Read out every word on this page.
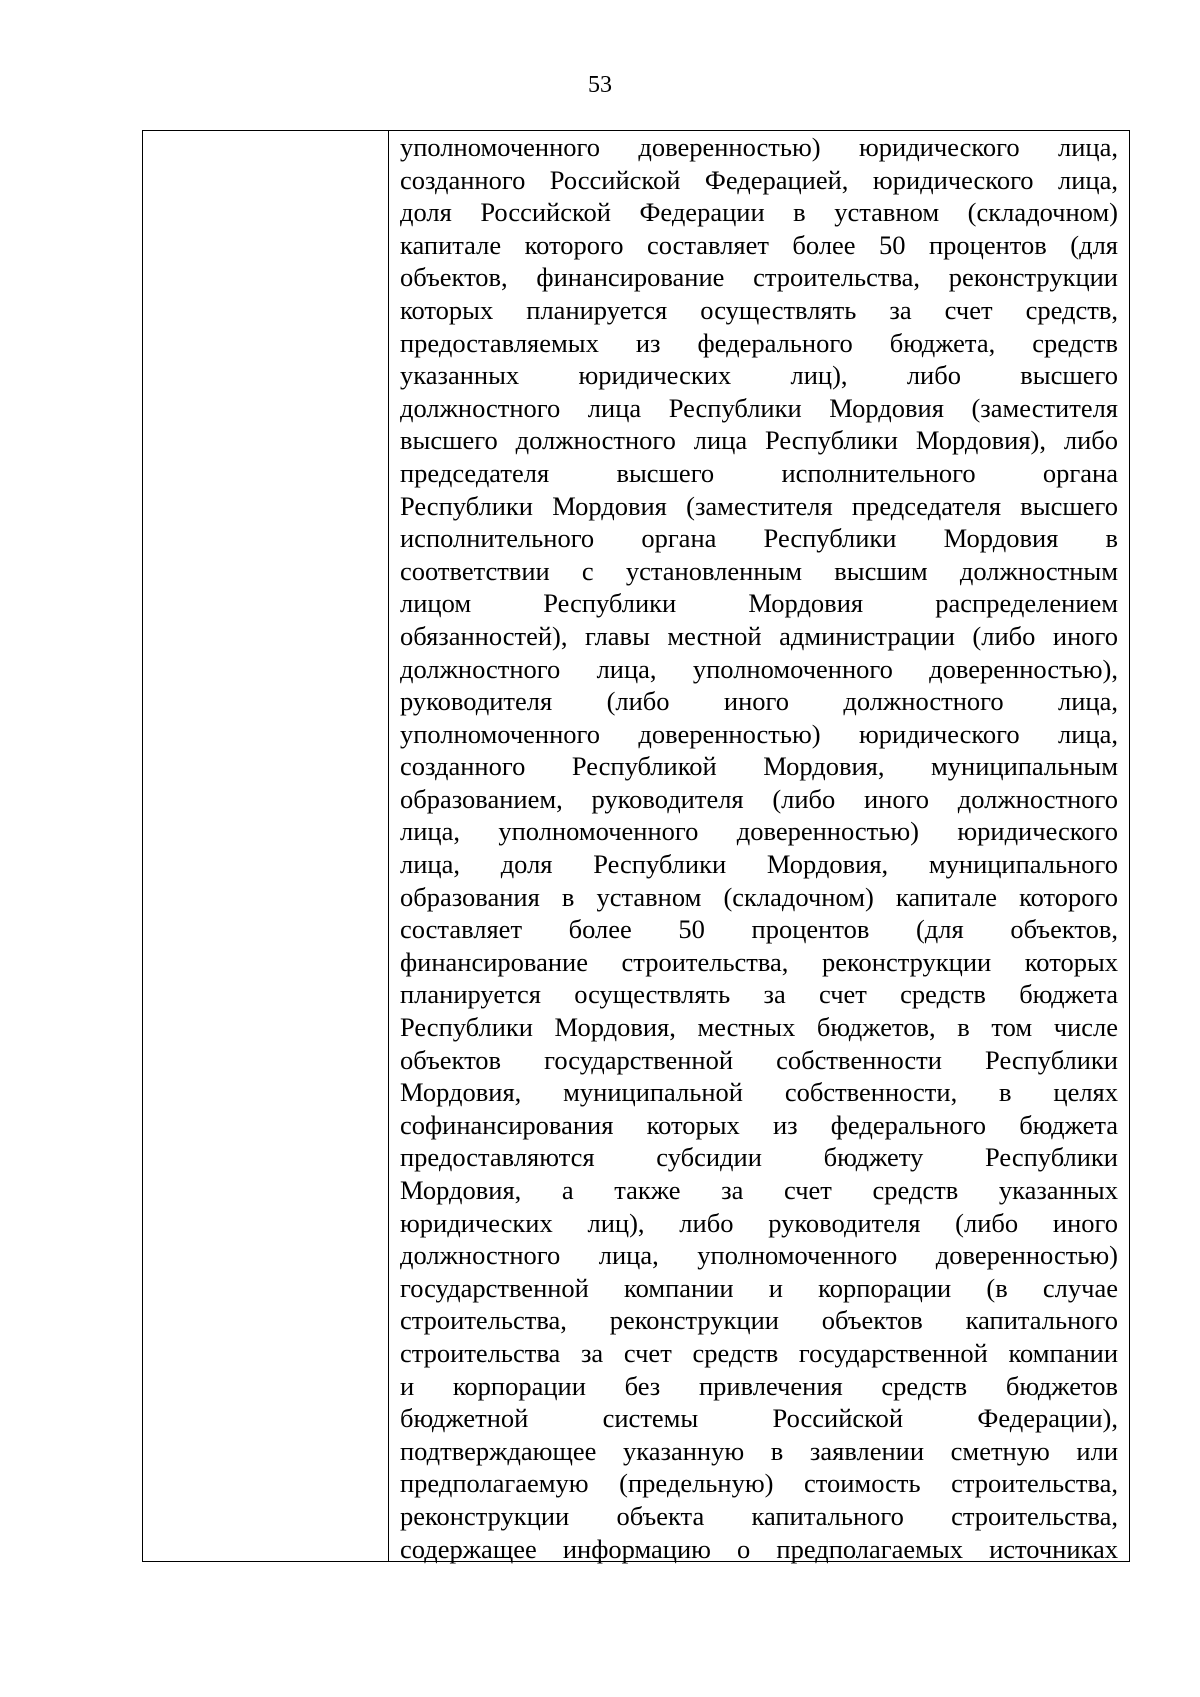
53
уполномоченного доверенностью) юридического лица,
созданного Российской Федерацией, юридического лица,
доля Российской Федерации в уставном (складочном)
капитале которого составляет более 50 процентов (для
объектов, финансирование строительства, реконструкции
которых планируется осуществлять за счет средств,
предоставляемых из федерального бюджета, средств
указанных юридических лиц), либо высшего
должностного лица Республики Мордовия (заместителя
высшего должностного лица Республики Мордовия), либо
председателя высшего исполнительного органа
Республики Мордовия (заместителя председателя высшего
исполнительного органа Республики Мордовия в
соответствии с установленным высшим должностным
лицом Республики Мордовия распределением
обязанностей), главы местной администрации (либо иного
должностного лица, уполномоченного доверенностью),
руководителя (либо иного должностного лица,
уполномоченного доверенностью) юридического лица,
созданного Республикой Мордовия, муниципальным
образованием, руководителя (либо иного должностного
лица, уполномоченного доверенностью) юридического
лица, доля Республики Мордовия, муниципального
образования в уставном (складочном) капитале которого
составляет более 50 процентов (для объектов,
финансирование строительства, реконструкции которых
планируется осуществлять за счет средств бюджета
Республики Мордовия, местных бюджетов, в том числе
объектов государственной собственности Республики
Мордовия, муниципальной собственности, в целях
софинансирования которых из федерального бюджета
предоставляются субсидии бюджету Республики
Мордовия, а также за счет средств указанных
юридических лиц), либо руководителя (либо иного
должностного лица, уполномоченного доверенностью)
государственной компании и корпорации (в случае
строительства, реконструкции объектов капитального
строительства за счет средств государственной компании
и корпорации без привлечения средств бюджетов
бюджетной системы Российской Федерации),
подтверждающее указанную в заявлении сметную или
предполагаемую (предельную) стоимость строительства,
реконструкции объекта капитального строительства,
содержащее информацию о предполагаемых источниках
